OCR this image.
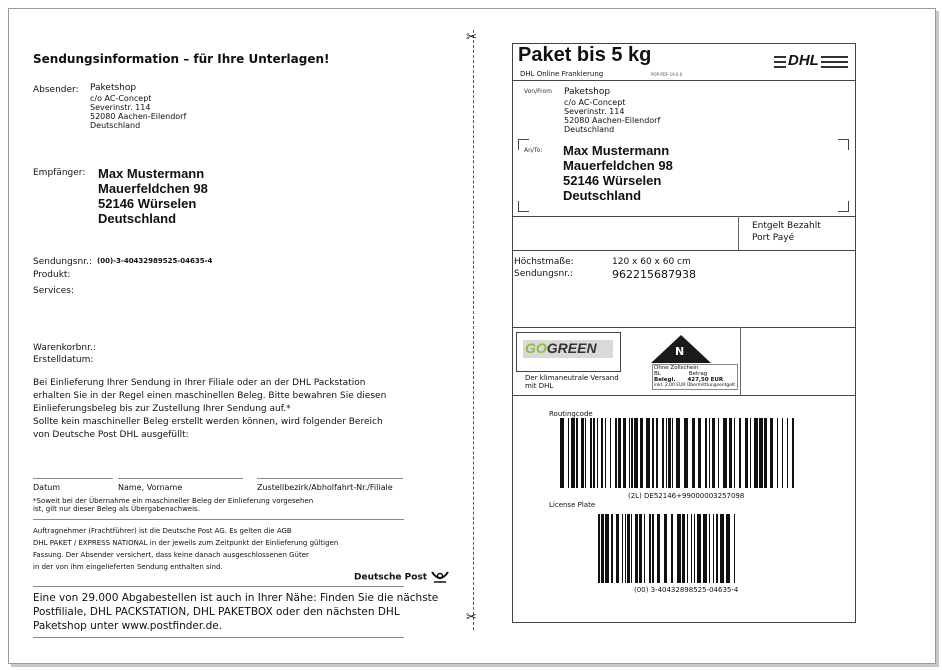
Sendungsinformation – für Ihre Unterlagen!
Absender: Paketshop
c/o AC-Concept
Severinstr. 114
52080 Aachen-Eilendorf
Deutschland
Empfänger: Max Mustermann
Mauerfeldchen 98
52146 Würselen
Deutschland
Sendungsnr.: (00)-3-40432989525-04635-4
Produkt:
Services:
Warenkorbnr.:
Erstelldatum:
Bei Einlieferung Ihrer Sendung in Ihrer Filiale oder an der DHL Packstation
erhalten Sie in der Regel einen maschinellen Beleg. Bitte bewahren Sie diesen
Einlieferungsbeleg bis zur Zustellung Ihrer Sendung auf.*
Sollte kein maschineller Beleg erstellt werden können, wird folgender Bereich
von Deutsche Post DHL ausgefüllt:
Datum	Name, Vorname	Zustellbezirk/Abholfahrt-Nr./Filiale
*Soweit bei der Übernahme ein maschineller Beleg der Einlieferung vorgesehen
ist, gilt nur dieser Beleg als Übergabenachweis.
Auftragnehmer (Frachtführer) ist die Deutsche Post AG. Es gelten die AGB
DHL PAKET / EXPRESS NATIONAL in der jeweils zum Zeitpunkt der Einlieferung gültigen
Fassung. Der Absender versichert, dass keine danach ausgeschlossenen Güter
in der von ihm eingelieferten Sendung enthalten sind.
Deutsche Post
Eine von 29.000 Abgabestellen ist auch in Ihrer Nähe: Finden Sie die nächste
Postfiliale, DHL PACKSTATION, DHL PAKETBOX oder den nächsten DHL
Paketshop unter www.postfinder.de.
✂
✂
Paket bis 5 kg
DHL Online Frankierung	POP-PDF-19.0.0
DHL
Von/From Paketshop
c/o AC-Concept
Severinstr. 114
52080 Aachen-Eilendorf
Deutschland
An/To: Max Mustermann
Mauerfeldchen 98
52146 Würselen
Deutschland
Entgelt Bezahlt
Port Payé
Höchstmaße:	120 x 60 x 60 cm
Sendungsnr.:	962215687938
GOGREEN
Der klimaneutrale Versand
mit DHL
N
Ohne Zollschein
BL	Betrag
Belegl. 427,50 EUR
inkl. 2,00 EUR Übermittlungsentgelt
Routingcode
(2L) DE52146+99000003257098
License Plate
(00) 3-40432898525-04635-4
